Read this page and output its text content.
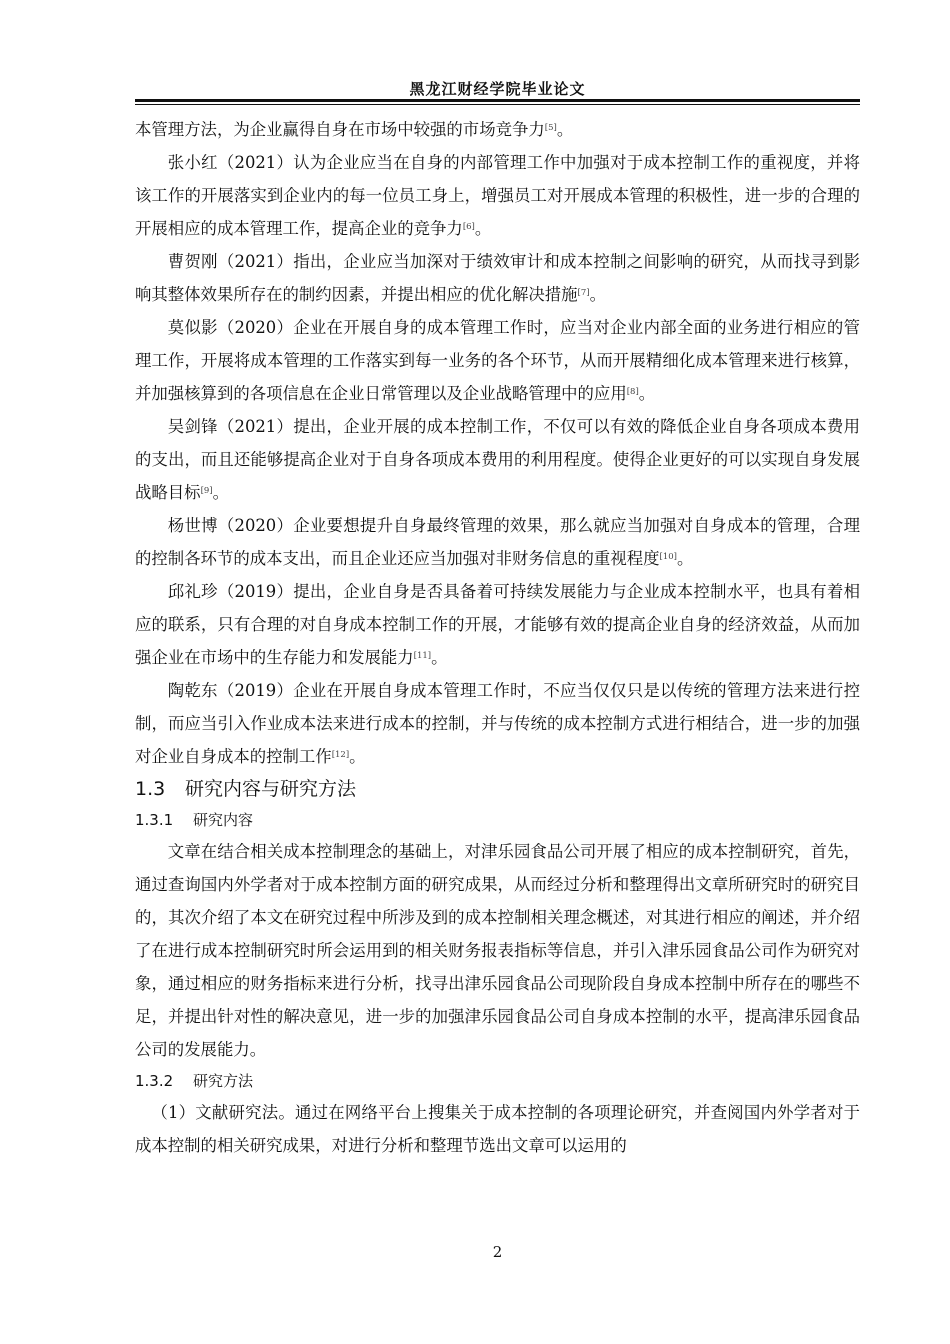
黑龙江财经学院毕业论文

本管理方法，为企业赢得自身在市场中较强的市场竞争力[5]。

张小红（2021）认为企业应当在自身的内部管理工作中加强对于成本控制工作的重视度，并将该工作的开展落实到企业内的每一位员工身上，增强员工对开展成本管理的积极性，进一步的合理的开展相应的成本管理工作，提高企业的竞争力[6]。

曹贺刚（2021）指出，企业应当加深对于绩效审计和成本控制之间影响的研究，从而找寻到影响其整体效果所存在的制约因素，并提出相应的优化解决措施[7]。

莫似影（2020）企业在开展自身的成本管理工作时，应当对企业内部全面的业务进行相应的管理工作，开展将成本管理的工作落实到每一业务的各个环节，从而开展精细化成本管理来进行核算，并加强核算到的各项信息在企业日常管理以及企业战略管理中的应用[8]。

吴剑锋（2021）提出，企业开展的成本控制工作，不仅可以有效的降低企业自身各项成本费用的支出，而且还能够提高企业对于自身各项成本费用的利用程度。使得企业更好的可以实现自身发展战略目标[9]。

杨世博（2020）企业要想提升自身最终管理的效果，那么就应当加强对自身成本的管理，合理的控制各环节的成本支出，而且企业还应当加强对非财务信息的重视程度[10]。

邱礼珍（2019）提出，企业自身是否具备着可持续发展能力与企业成本控制水平，也具有着相应的联系，只有合理的对自身成本控制工作的开展，才能够有效的提高企业自身的经济效益，从而加强企业在市场中的生存能力和发展能力[11]。

陶乾东（2019）企业在开展自身成本管理工作时，不应当仅仅只是以传统的管理方法来进行控制，而应当引入作业成本法来进行成本的控制，并与传统的成本控制方式进行相结合，进一步的加强对企业自身成本的控制工作[12]。

1.3 研究内容与研究方法
1.3.1 研究内容

文章在结合相关成本控制理念的基础上，对津乐园食品公司开展了相应的成本控制研究，首先，通过查询国内外学者对于成本控制方面的研究成果，从而经过分析和整理得出文章所研究时的研究目的，其次介绍了本文在研究过程中所涉及到的成本控制相关理念概述，对其进行相应的阐述，并介绍了在进行成本控制研究时所会运用到的相关财务报表指标等信息，并引入津乐园食品公司作为研究对象，通过相应的财务指标来进行分析，找寻出津乐园食品公司现阶段自身成本控制中所存在的哪些不足，并提出针对性的解决意见，进一步的加强津乐园食品公司自身成本控制的水平，提高津乐园食品公司的发展能力。

1.3.2 研究方法

（1）文献研究法。通过在网络平台上搜集关于成本控制的各项理论研究，并查阅国内外学者对于成本控制的相关研究成果，对进行分析和整理节选出文章可以运用的

2
